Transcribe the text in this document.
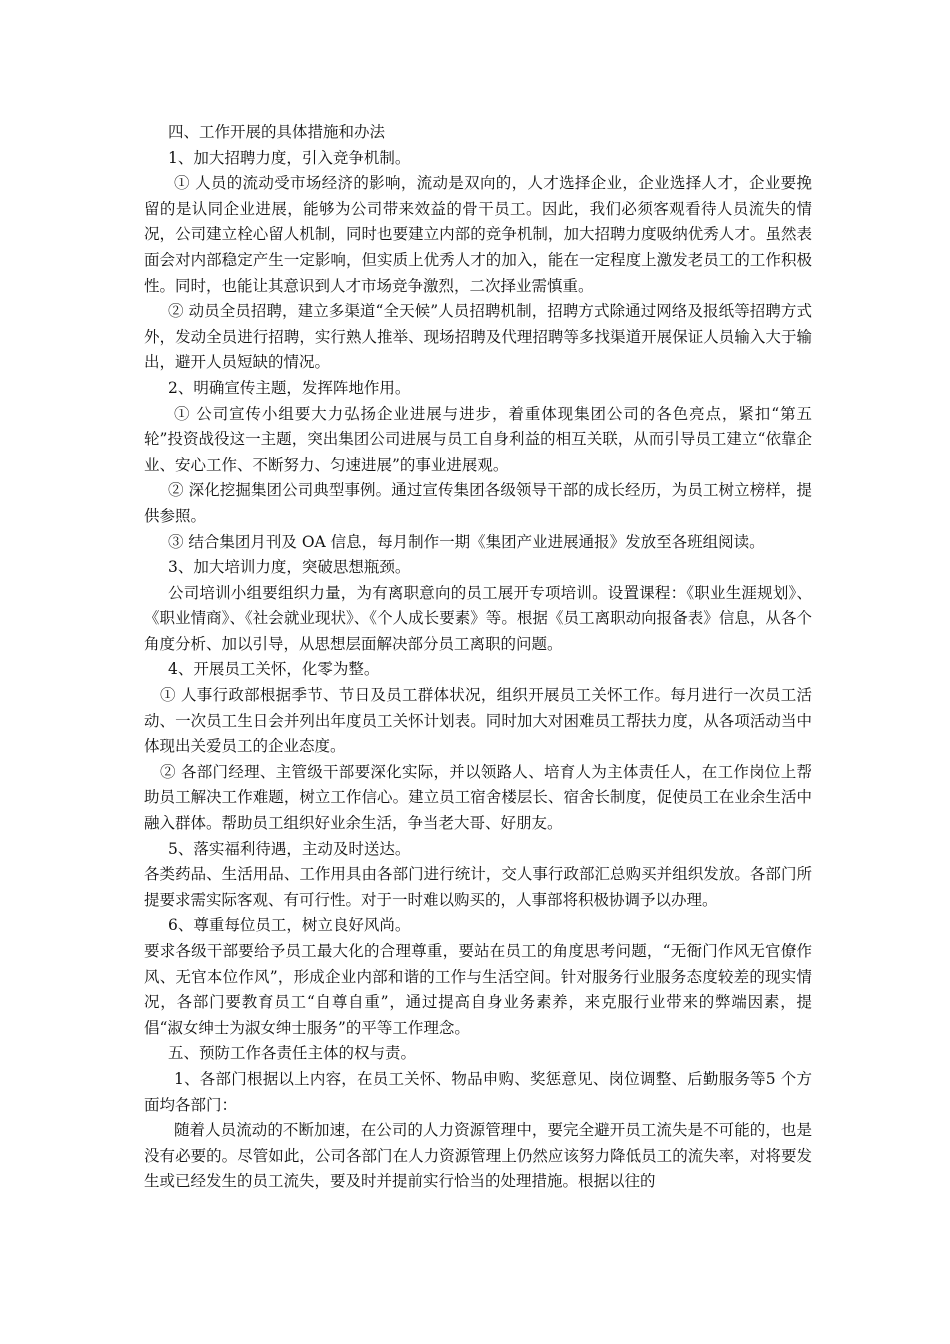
四、工作开展的具体措施和办法

1、加大招聘力度，引入竞争机制。

① 人员的流动受市场经济的影响，流动是双向的，人才选择企业，企业选择人才，企业要挽留的是认同企业进展，能够为公司带来效益的骨干员工。因此，我们必须客观看待人员流失的情况，公司建立栓心留人机制，同时也要建立内部的竞争机制，加大招聘力度吸纳优秀人才。虽然表面会对内部稳定产生一定影响，但实质上优秀人才的加入，能在一定程度上激发老员工的工作积极性。同时，也能让其意识到人才市场竞争激烈，二次择业需慎重。

② 动员全员招聘，建立多渠道“全天候”人员招聘机制，招聘方式除通过网络及报纸等招聘方式外，发动全员进行招聘，实行熟人推举、现场招聘及代理招聘等多找渠道开展保证人员输入大于输出，避开人员短缺的情况。

2、明确宣传主题，发挥阵地作用。

① 公司宣传小组要大力弘扬企业进展与进步，着重体现集团公司的各色亮点，紧扣“第五轮”投资战役这一主题，突出集团公司进展与员工自身利益的相互关联，从而引导员工建立“依靠企业、安心工作、不断努力、匀速进展”的事业进展观。

② 深化挖掘集团公司典型事例。通过宣传集团各级领导干部的成长经历，为员工树立榜样，提供参照。

③ 结合集团月刊及 OA 信息，每月制作一期《集团产业进展通报》发放至各班组阅读。

3、加大培训力度，突破思想瓶颈。

公司培训小组要组织力量，为有离职意向的员工展开专项培训。设置课程：《职业生涯规划》、《职业情商》、《社会就业现状》、《个人成长要素》等。根据《员工离职动向报备表》信息，从各个角度分析、加以引导，从思想层面解决部分员工离职的问题。

4、开展员工关怀，化零为整。

① 人事行政部根据季节、节日及员工群体状况，组织开展员工关怀工作。每月进行一次员工活动、一次员工生日会并列出年度员工关怀计划表。同时加大对困难员工帮扶力度，从各项活动当中体现出关爱员工的企业态度。

② 各部门经理、主管级干部要深化实际，并以领路人、培育人为主体责任人，在工作岗位上帮助员工解决工作难题，树立工作信心。建立员工宿舍楼层长、宿舍长制度，促使员工在业余生活中融入群体。帮助员工组织好业余生活，争当老大哥、好朋友。

5、落实福利待遇，主动及时送达。

各类药品、生活用品、工作用具由各部门进行统计，交人事行政部汇总购买并组织发放。各部门所提要求需实际客观、有可行性。对于一时难以购买的，人事部将积极协调予以办理。

6、尊重每位员工，树立良好风尚。

要求各级干部要给予员工最大化的合理尊重，要站在员工的角度思考问题，“无衙门作风无官僚作风、无官本位作风”，形成企业内部和谐的工作与生活空间。针对服务行业服务态度较差的现实情况，各部门要教育员工“自尊自重”，通过提高自身业务素养，来克服行业带来的弊端因素，提倡“淑女绅士为淑女绅士服务”的平等工作理念。

五、预防工作各责任主体的权与责。

1、各部门根据以上内容，在员工关怀、物品申购、奖惩意见、岗位调整、后勤服务等5 个方面均各部门：

随着人员流动的不断加速，在公司的人力资源管理中，要完全避开员工流失是不可能的，也是没有必要的。尽管如此，公司各部门在人力资源管理上仍然应该努力降低员工的流失率，对将要发生或已经发生的员工流失，要及时并提前实行恰当的处理措施。根据以往的
